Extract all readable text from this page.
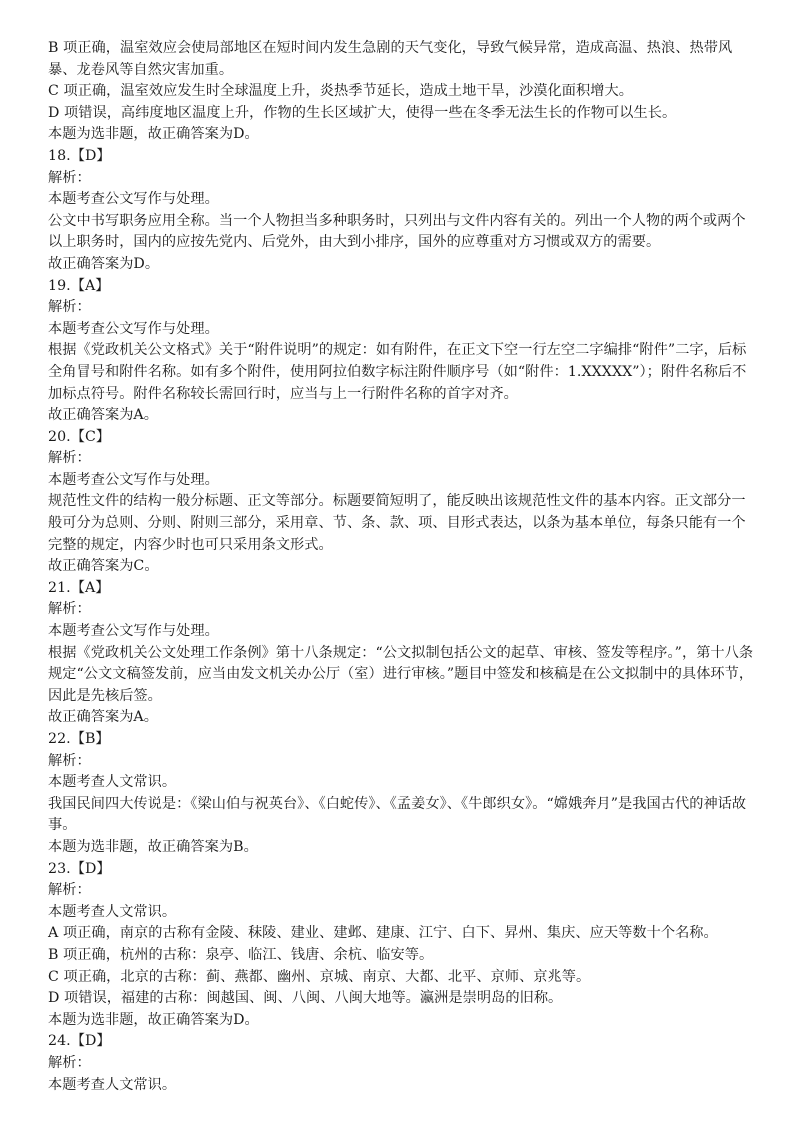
B 项正确，温室效应会使局部地区在短时间内发生急剧的天气变化，导致气候异常，造成高温、热浪、热带风暴、龙卷风等自然灾害加重。

C 项正确，温室效应发生时全球温度上升，炎热季节延长，造成土地干旱，沙漠化面积增大。

D 项错误，高纬度地区温度上升，作物的生长区域扩大，使得一些在冬季无法生长的作物可以生长。

本题为选非题，故正确答案为D。

18.【D】

解析：

本题考查公文写作与处理。

公文中书写职务应用全称。当一个人物担当多种职务时，只列出与文件内容有关的。列出一个人物的两个或两个以上职务时，国内的应按先党内、后党外，由大到小排序，国外的应尊重对方习惯或双方的需要。

故正确答案为D。

19.【A】

解析：

本题考查公文写作与处理。

根据《党政机关公文格式》关于“附件说明”的规定：如有附件，在正文下空一行左空二字编排“附件”二字，后标全角冒号和附件名称。如有多个附件，使用阿拉伯数字标注附件顺序号（如“附件：1.XXXXX”）；附件名称后不加标点符号。附件名称较长需回行时，应当与上一行附件名称的首字对齐。

故正确答案为A。

20.【C】

解析：

本题考查公文写作与处理。

规范性文件的结构一般分标题、正文等部分。标题要简短明了，能反映出该规范性文件的基本内容。正文部分一般可分为总则、分则、附则三部分，采用章、节、条、款、项、目形式表达，以条为基本单位，每条只能有一个完整的规定，内容少时也可只采用条文形式。

故正确答案为C。

21.【A】

解析：

本题考查公文写作与处理。

根据《党政机关公文处理工作条例》第十八条规定：“公文拟制包括公文的起草、审核、签发等程序。”，第十八条规定“公文文稿签发前，应当由发文机关办公厅（室）进行审核。”题目中签发和核稿是在公文拟制中的具体环节，因此是先核后签。

故正确答案为A。

22.【B】

解析：

本题考查人文常识。

我国民间四大传说是：《梁山伯与祝英台》、《白蛇传》、《孟姜女》、《牛郎织女》。“嫦娥奔月”是我国古代的神话故事。

本题为选非题，故正确答案为B。

23.【D】

解析：

本题考查人文常识。

A 项正确，南京的古称有金陵、秣陵、建业、建邺、建康、江宁、白下、昇州、集庆、应天等数十个名称。

B 项正确，杭州的古称：泉亭、临江、钱唐、余杭、临安等。

C 项正确，北京的古称：蓟、燕都、幽州、京城、南京、大都、北平、京师、京兆等。

D 项错误，福建的古称：闽越国、闽、八闽、八闽大地等。瀛洲是崇明岛的旧称。

本题为选非题，故正确答案为D。

24.【D】

解析：

本题考查人文常识。
